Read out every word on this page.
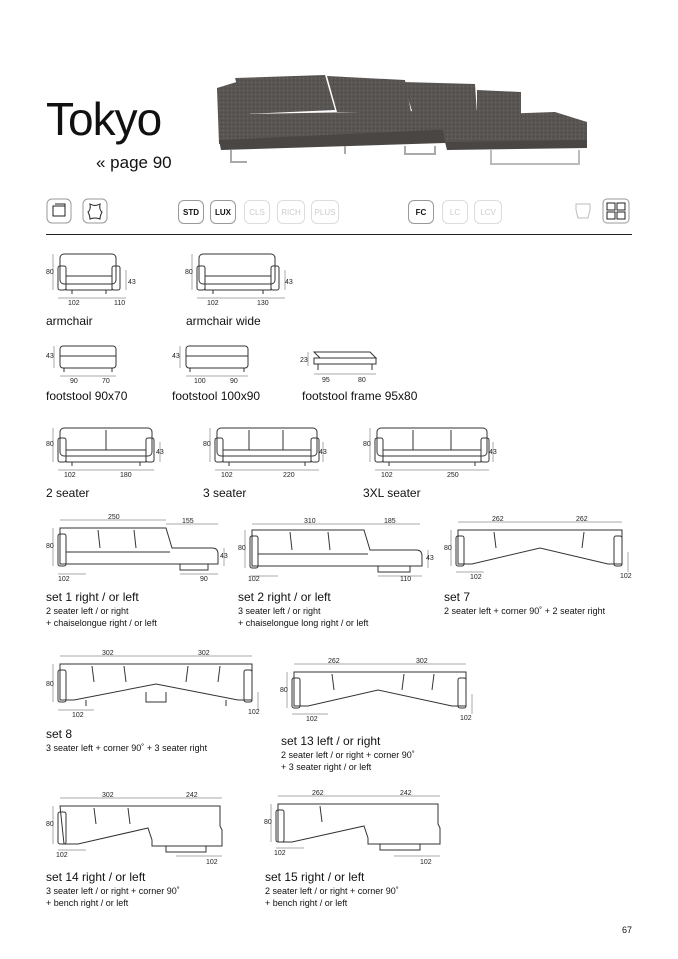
Tokyo
« page 90
STD	LUX	CLS	RICH	PLUS	FC	LC	LCV
80
43
102	110
armchair
80
43
102	130
armchair wide
43
90	70
footstool 90x70
43
100	90
footstool 100x90
23
95	80
footstool frame 95x80
80
43
102	180
2 seater
80
43
102	220
3 seater
80
43
102	250
3XL seater
250
155
80
43
102	90
set 1 right / or left
2 seater left / or right
+ chaiselongue right / or left
310	185
80
43
102	110
set 2 right / or left
3 seater left / or right
+ chaiselongue long right / or left
262	262
80
102	102
set 7
2 seater left + corner 90˚ + 2 seater right
302	302
80
102	102
set 8
3 seater left + corner 90˚ + 3 seater right
262	302
80
102	102
set 13 left / or right
2 seater left / or right + corner 90˚
+ 3 seater right / or left
302	242
80
102
102
set 14 right / or left
3 seater left / or right + corner 90˚
+ bench right / or left
262	242
80
102
102
set 15 right / or left
2 seater left / or right + corner 90˚
+ bench right / or left
67
